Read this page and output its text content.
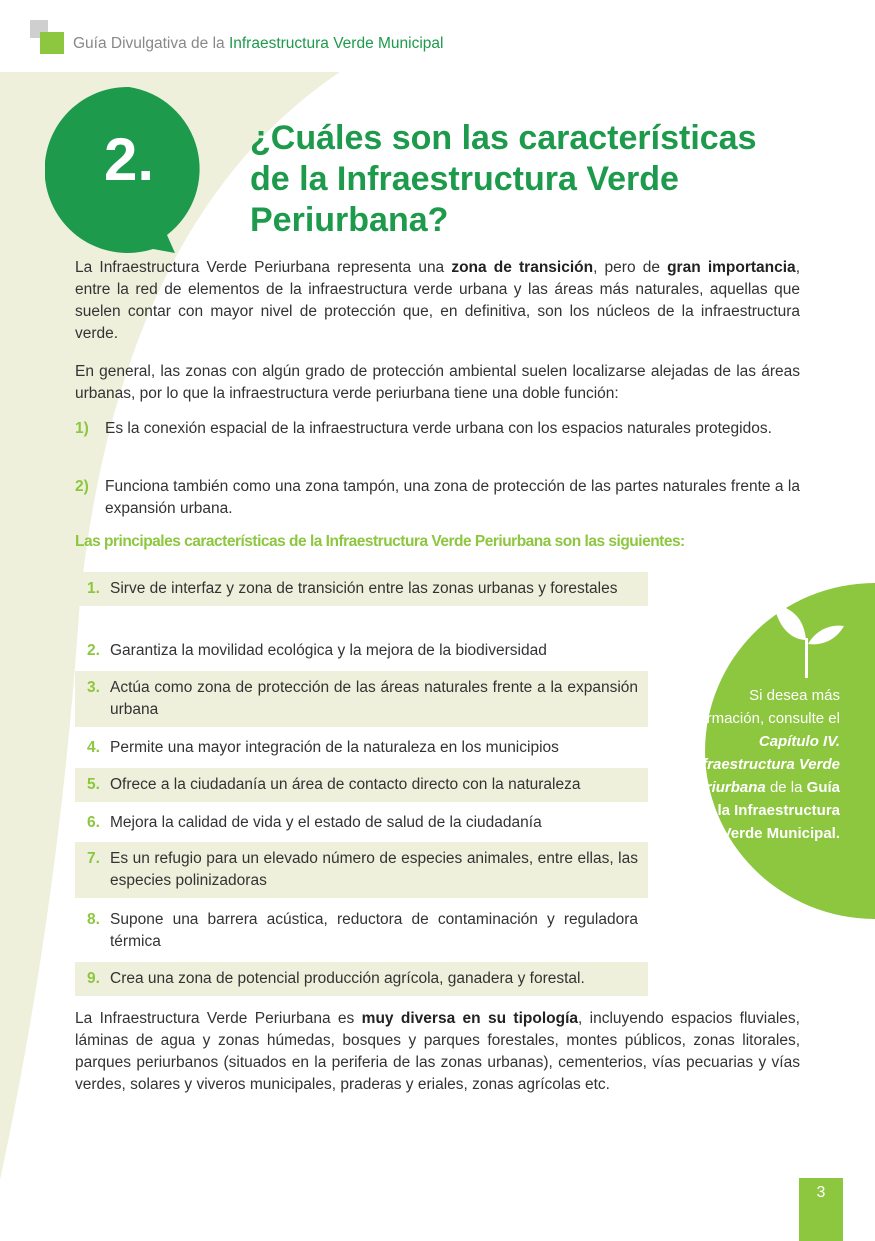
Guía Divulgativa de la Infraestructura Verde Municipal
2.	¿Cuáles son las características
de la Infraestructura Verde
Periurbana?

La Infraestructura Verde Periurbana representa una zona de transición, pero de gran importancia, entre la red de elementos de la infraestructura verde urbana y las áreas más naturales, aquellas que suelen contar con mayor nivel de protección que, en definitiva, son los núcleos de la infraestructura verde.

En general, las zonas con algún grado de protección ambiental suelen localizarse alejadas de las áreas urbanas, por lo que la infraestructura verde periurbana tiene una doble función:

1) Es la conexión espacial de la infraestructura verde urbana con los espacios naturales protegidos.
2) Funciona también como una zona tampón, una zona de protección de las partes naturales frente a la expansión urbana.
Las principales características de la Infraestructura Verde Periurbana son las siguientes:
1. Sirve de interfaz y zona de transición entre las zonas urbanas y forestales
2. Garantiza la movilidad ecológica y la mejora de la biodiversidad
3. Actúa como zona de protección de las áreas naturales frente a la expansión urbana
4. Permite una mayor integración de la naturaleza en los municipios
5. Ofrece a la ciudadanía un área de contacto directo con la naturaleza
6. Mejora la calidad de vida y el estado de salud de la ciudadanía
7. Es un refugio para un elevado número de especies animales, entre ellas, las especies polinizadoras
8. Supone una barrera acústica, reductora de contaminación y reguladora térmica
9. Crea una zona de potencial producción agrícola, ganadera y forestal.
Si desea más información, consulte el Capítulo IV. Infraestructura Verde Periurbana de la Guía de la Infraestructura Verde Municipal.

La Infraestructura Verde Periurbana es muy diversa en su tipología, incluyendo espacios fluviales, láminas de agua y zonas húmedas, bosques y parques forestales, montes públicos, zonas litorales, parques periurbanos (situados en la periferia de las zonas urbanas), cementerios, vías pecuarias y vías verdes, solares y viveros municipales, praderas y eriales, zonas agrícolas etc.

3
